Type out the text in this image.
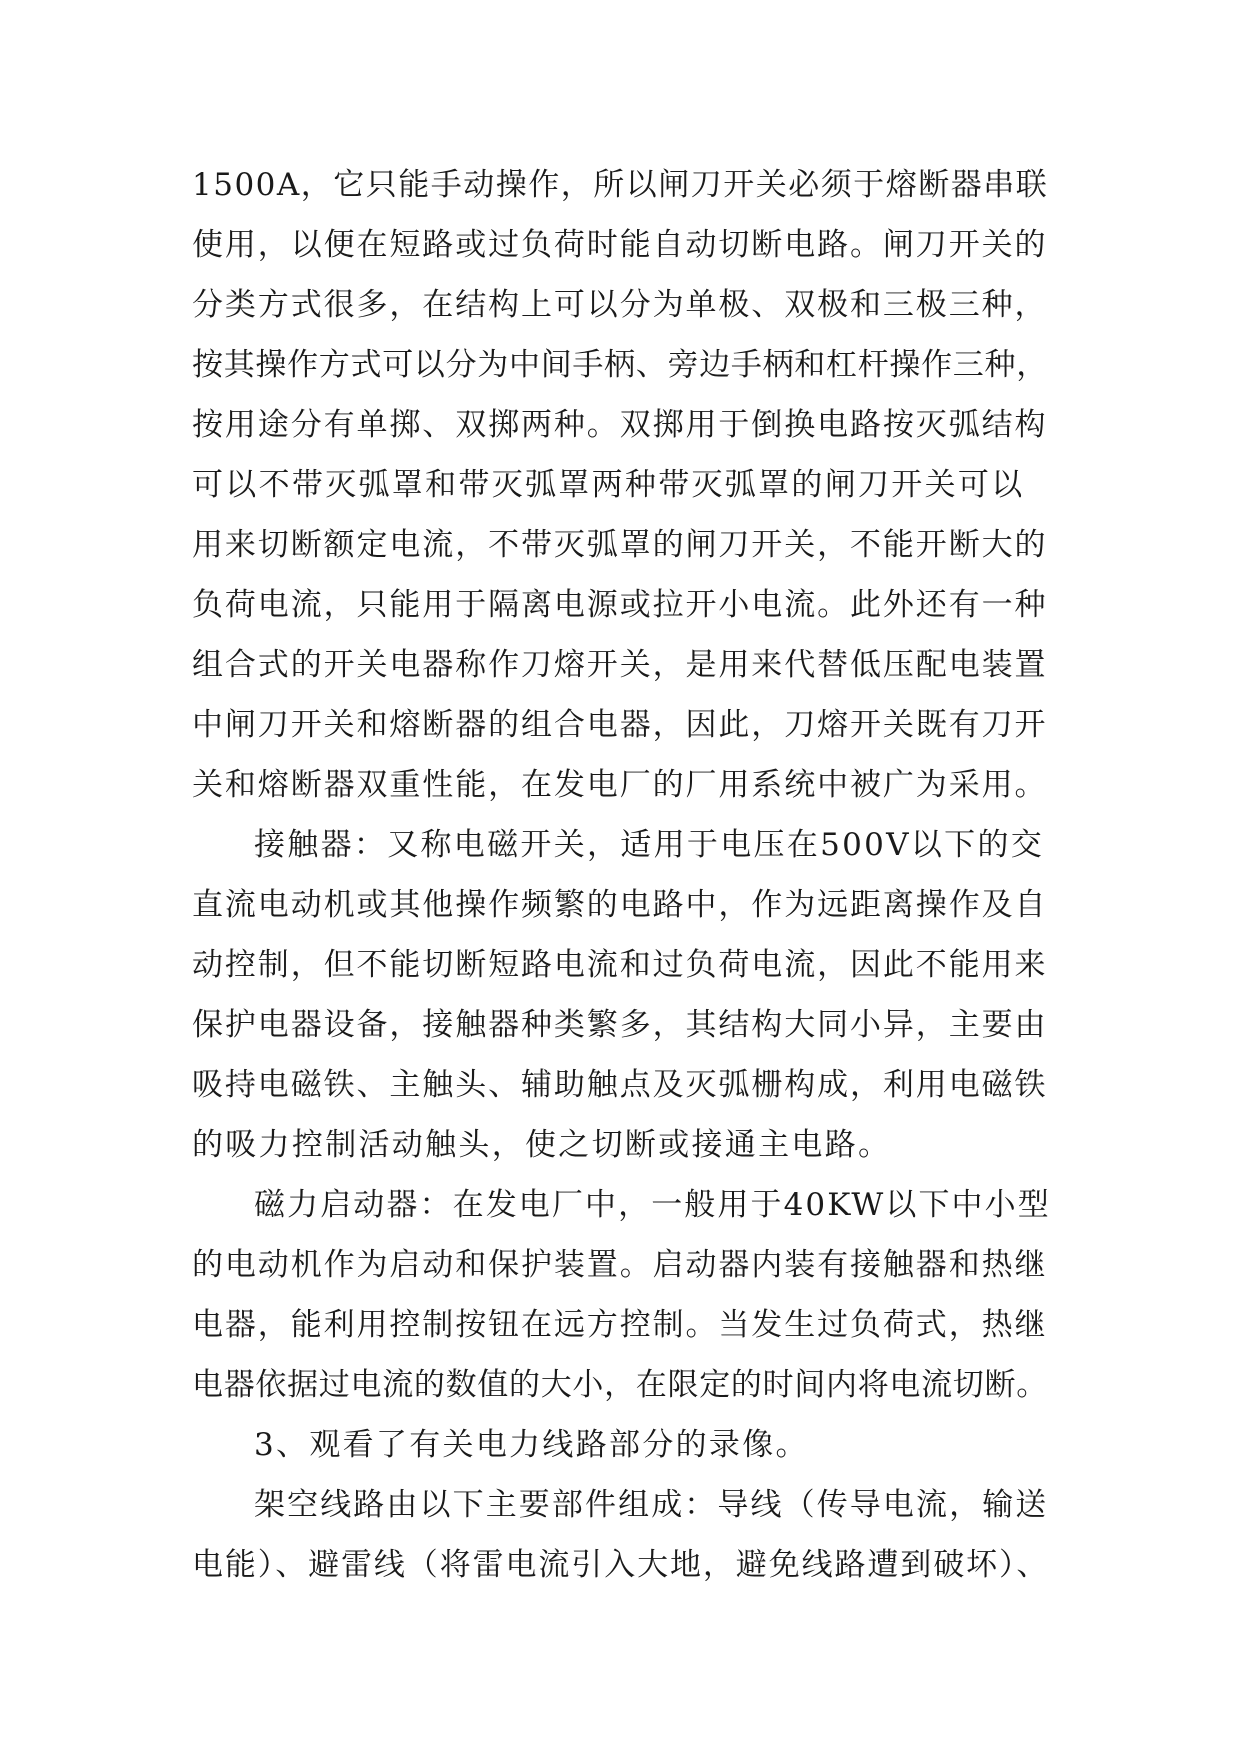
1500A，它只能手动操作，所以闸刀开关必须于熔断器串联
使用，以便在短路或过负荷时能自动切断电路。闸刀开关的
分类方式很多，在结构上可以分为单极、双极和三极三种，
按其操作方式可以分为中间手柄、旁边手柄和杠杆操作三种，
按用途分有单掷、双掷两种。双掷用于倒换电路按灭弧结构
可以不带灭弧罩和带灭弧罩两种带灭弧罩的闸刀开关可以
用来切断额定电流，不带灭弧罩的闸刀开关，不能开断大的
负荷电流，只能用于隔离电源或拉开小电流。此外还有一种
组合式的开关电器称作刀熔开关，是用来代替低压配电装置
中闸刀开关和熔断器的组合电器，因此，刀熔开关既有刀开
关和熔断器双重性能，在发电厂的厂用系统中被广为采用。
接触器：又称电磁开关，适用于电压在500V以下的交
直流电动机或其他操作频繁的电路中，作为远距离操作及自
动控制，但不能切断短路电流和过负荷电流，因此不能用来
保护电器设备，接触器种类繁多，其结构大同小异，主要由
吸持电磁铁、主触头、辅助触点及灭弧栅构成，利用电磁铁
的吸力控制活动触头，使之切断或接通主电路。
磁力启动器：在发电厂中，一般用于40KW以下中小型
的电动机作为启动和保护装置。启动器内装有接触器和热继
电器，能利用控制按钮在远方控制。当发生过负荷式，热继
电器依据过电流的数值的大小，在限定的时间内将电流切断。
3、观看了有关电力线路部分的录像。
架空线路由以下主要部件组成：导线（传导电流，输送
电能）、避雷线（将雷电流引入大地，避免线路遭到破坏）、
